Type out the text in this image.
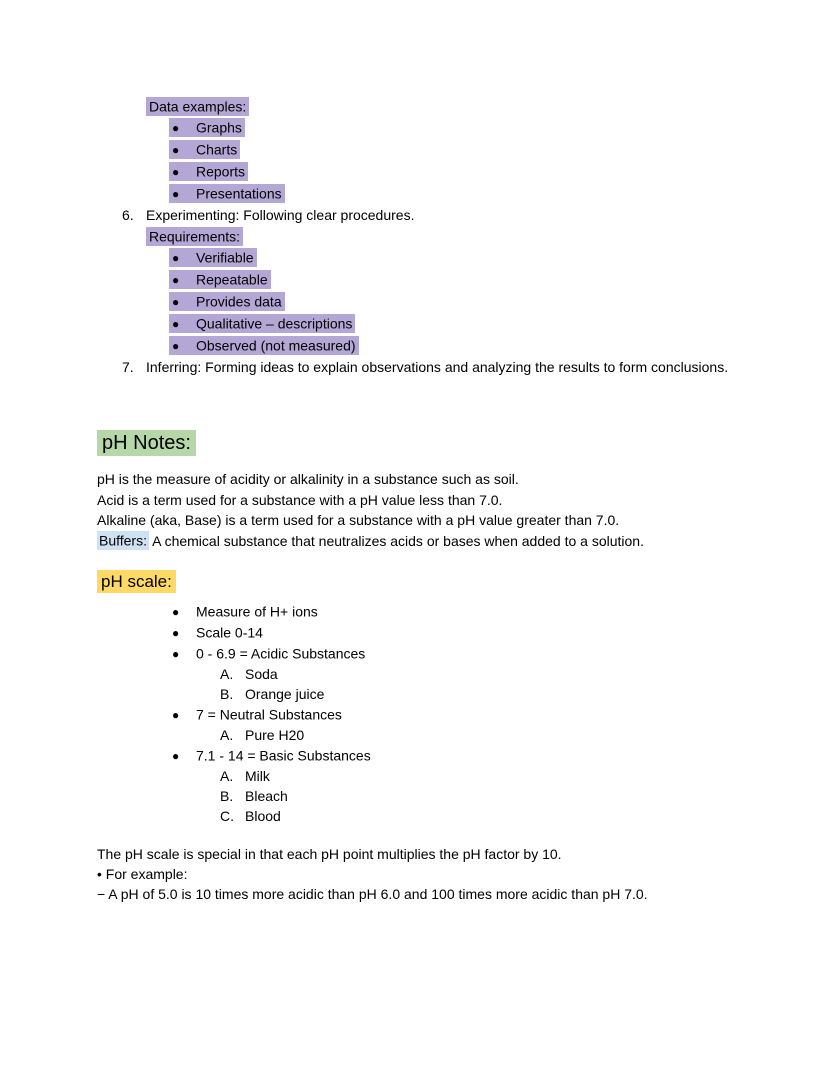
Data examples:
● Graphs
● Charts
● Reports
● Presentations
6. Experimenting: Following clear procedures.
Requirements:
● Verifiable
● Repeatable
● Provides data
● Qualitative – descriptions
● Observed (not measured)
7. Inferring: Forming ideas to explain observations and analyzing the results to form conclusions.
pH Notes:
pH is the measure of acidity or alkalinity in a substance such as soil.
Acid is a term used for a substance with a pH value less than 7.0.
Alkaline (aka, Base) is a term used for a substance with a pH value greater than 7.0.
Buffers: A chemical substance that neutralizes acids or bases when added to a solution.
pH scale:
● Measure of H+ ions
● Scale 0-14
● 0 - 6.9 = Acidic Substances
A. Soda
B. Orange juice
● 7 = Neutral Substances
A. Pure H20
● 7.1 - 14 = Basic Substances
A. Milk
B. Bleach
C. Blood
The pH scale is special in that each pH point multiplies the pH factor by 10.
• For example:
− A pH of 5.0 is 10 times more acidic than pH 6.0 and 100 times more acidic than pH 7.0.
